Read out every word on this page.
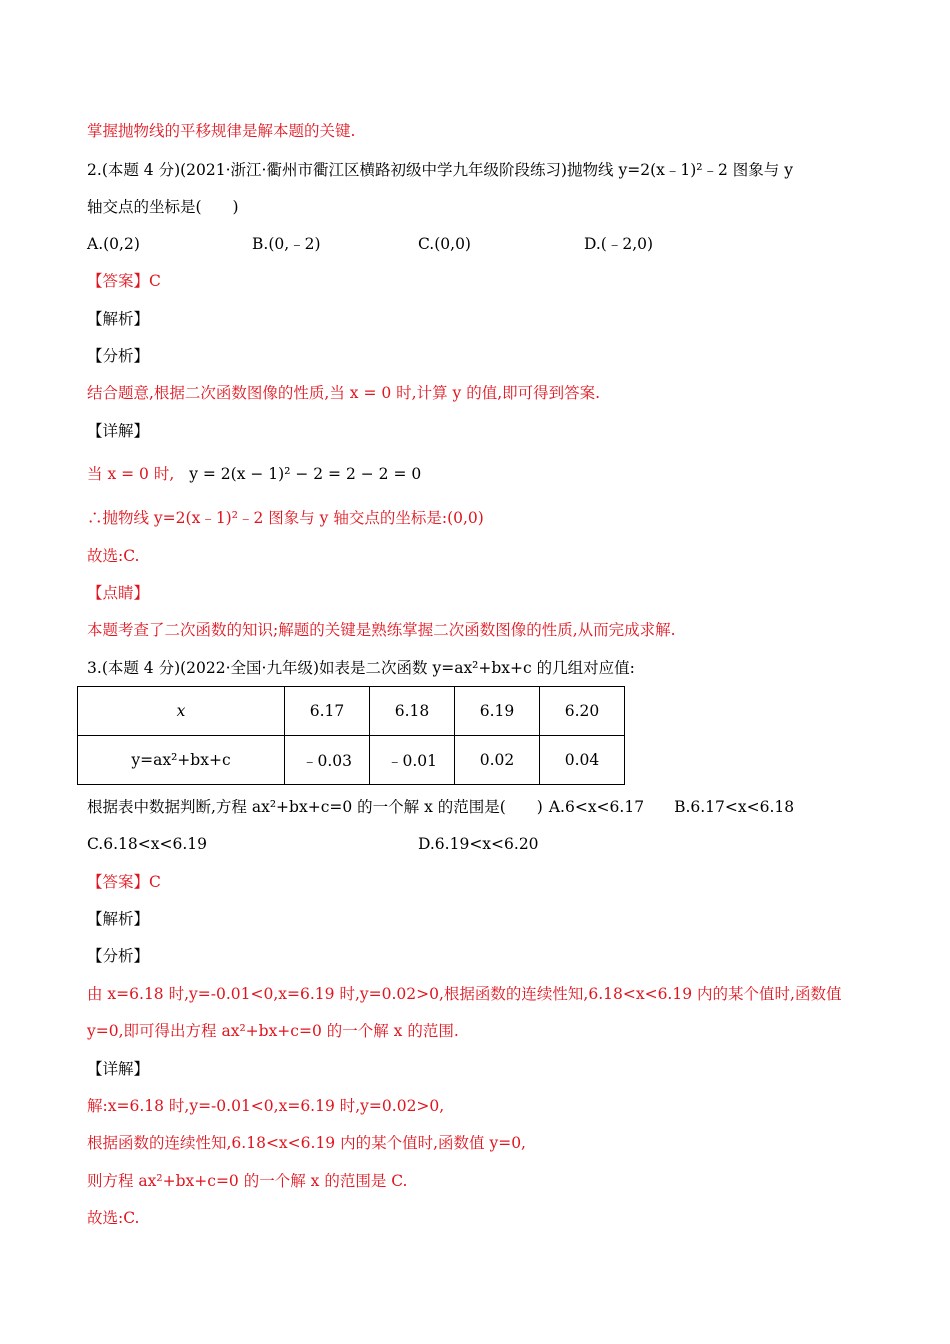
掌握抛物线的平移规律是解本题的关键.
2.(本题 4 分)(2021·浙江·衢州市衢江区横路初级中学九年级阶段练习)抛物线 y=2(x﹣1)²﹣2 图象与 y
轴交点的坐标是(　　)
A.(0,2)	B.(0,﹣2)	C.(0,0)	D.(﹣2,0)
【答案】C
【解析】
【分析】
结合题意,根据二次函数图像的性质,当 x = 0 时,计算 y 的值,即可得到答案.
【详解】
当 x = 0 时, y = 2(x − 1)² − 2 = 2 − 2 = 0
∴抛物线 y=2(x﹣1)²﹣2 图象与 y 轴交点的坐标是:(0,0)
故选:C.
【点睛】
本题考查了二次函数的知识;解题的关键是熟练掌握二次函数图像的性质,从而完成求解.
3.(本题 4 分)(2022·全国·九年级)如表是二次函数 y=ax²+bx+c 的几组对应值:
x	6.17	6.18	6.19	6.20
y=ax²+bx+c	﹣0.03	﹣0.01	0.02	0.04
根据表中数据判断,方程 ax²+bx+c=0 的一个解 x 的范围是(　　) A.6<x<6.17 B.6.17<x<6.18
C.6.18<x<6.19	D.6.19<x<6.20
【答案】C
【解析】
【分析】
由 x=6.18 时,y=-0.01<0,x=6.19 时,y=0.02>0,根据函数的连续性知,6.18<x<6.19 内的某个值时,函数值
y=0,即可得出方程 ax²+bx+c=0 的一个解 x 的范围.
【详解】
解:x=6.18 时,y=-0.01<0,x=6.19 时,y=0.02>0,
根据函数的连续性知,6.18<x<6.19 内的某个值时,函数值 y=0,
则方程 ax²+bx+c=0 的一个解 x 的范围是 C.
故选:C.
